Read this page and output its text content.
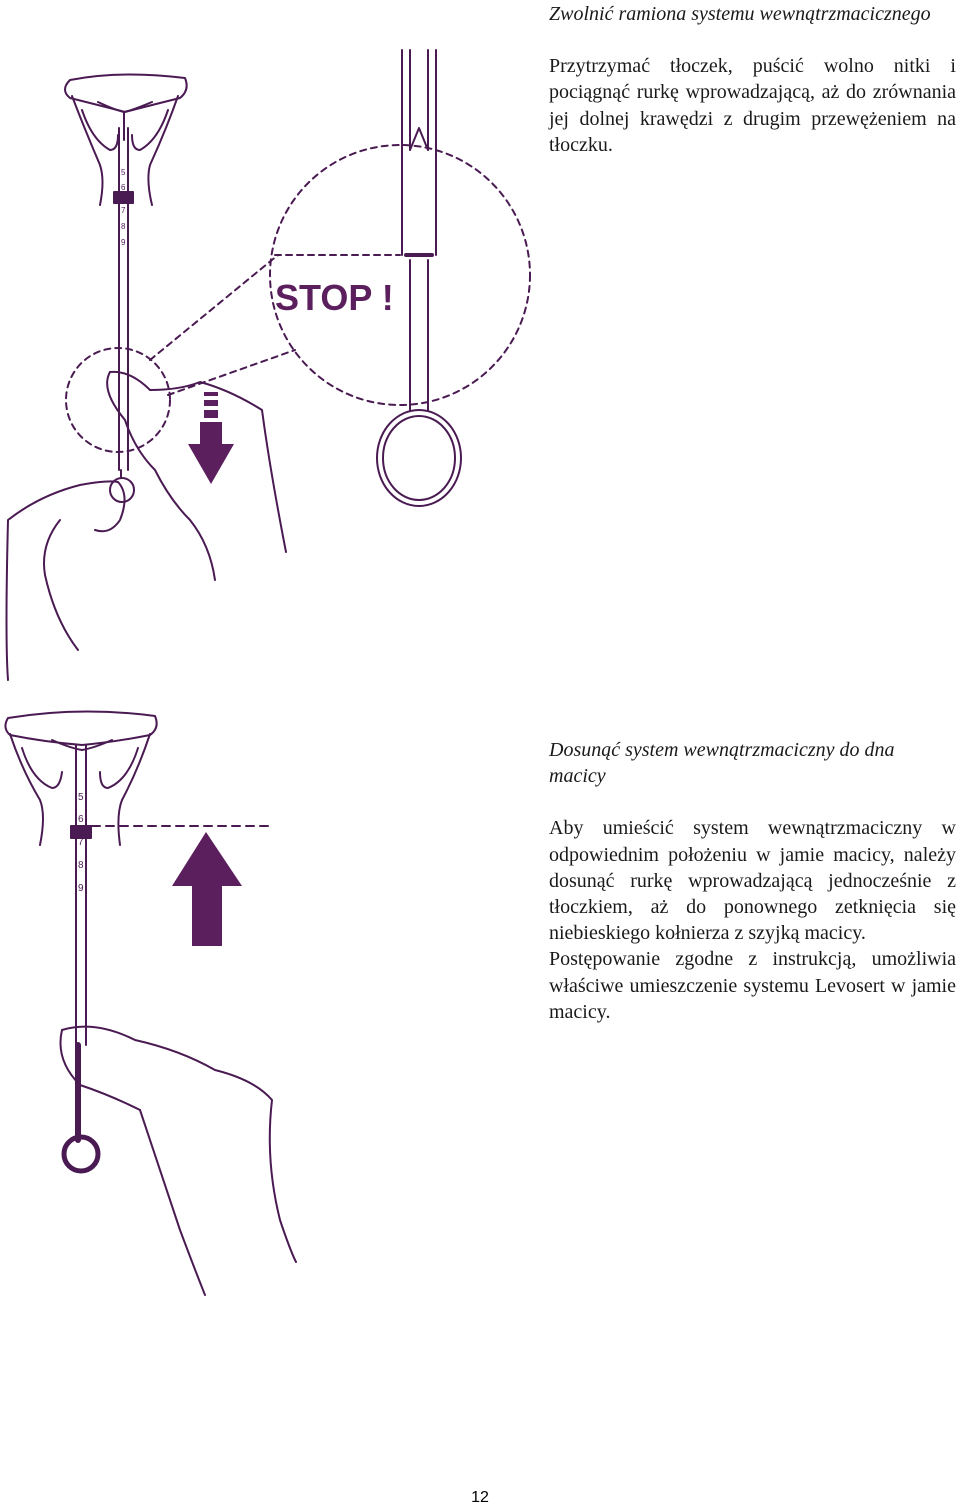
STOP !
5
6
7
8
9
5
6
7
8
9

Zwolnić ramiona systemu wewnątrzmacicznego

Przytrzymać tłoczek, puścić wolno nitki i pociągnąć rurkę wprowadzającą, aż do zrównania jej dolnej krawędzi z drugim przewężeniem na tłoczku.

Dosunąć system wewnątrzmaciczny do dna macicy

Aby umieścić system wewnątrzmaciczny w odpowiednim położeniu w jamie macicy, należy dosunąć rurkę wprowadzającą jednocześnie z tłoczkiem, aż do ponownego zetknięcia się niebieskiego kołnierza z szyjką macicy.

Postępowanie zgodne z instrukcją, umożliwia właściwe umieszczenie systemu Levosert w jamie macicy.

12
